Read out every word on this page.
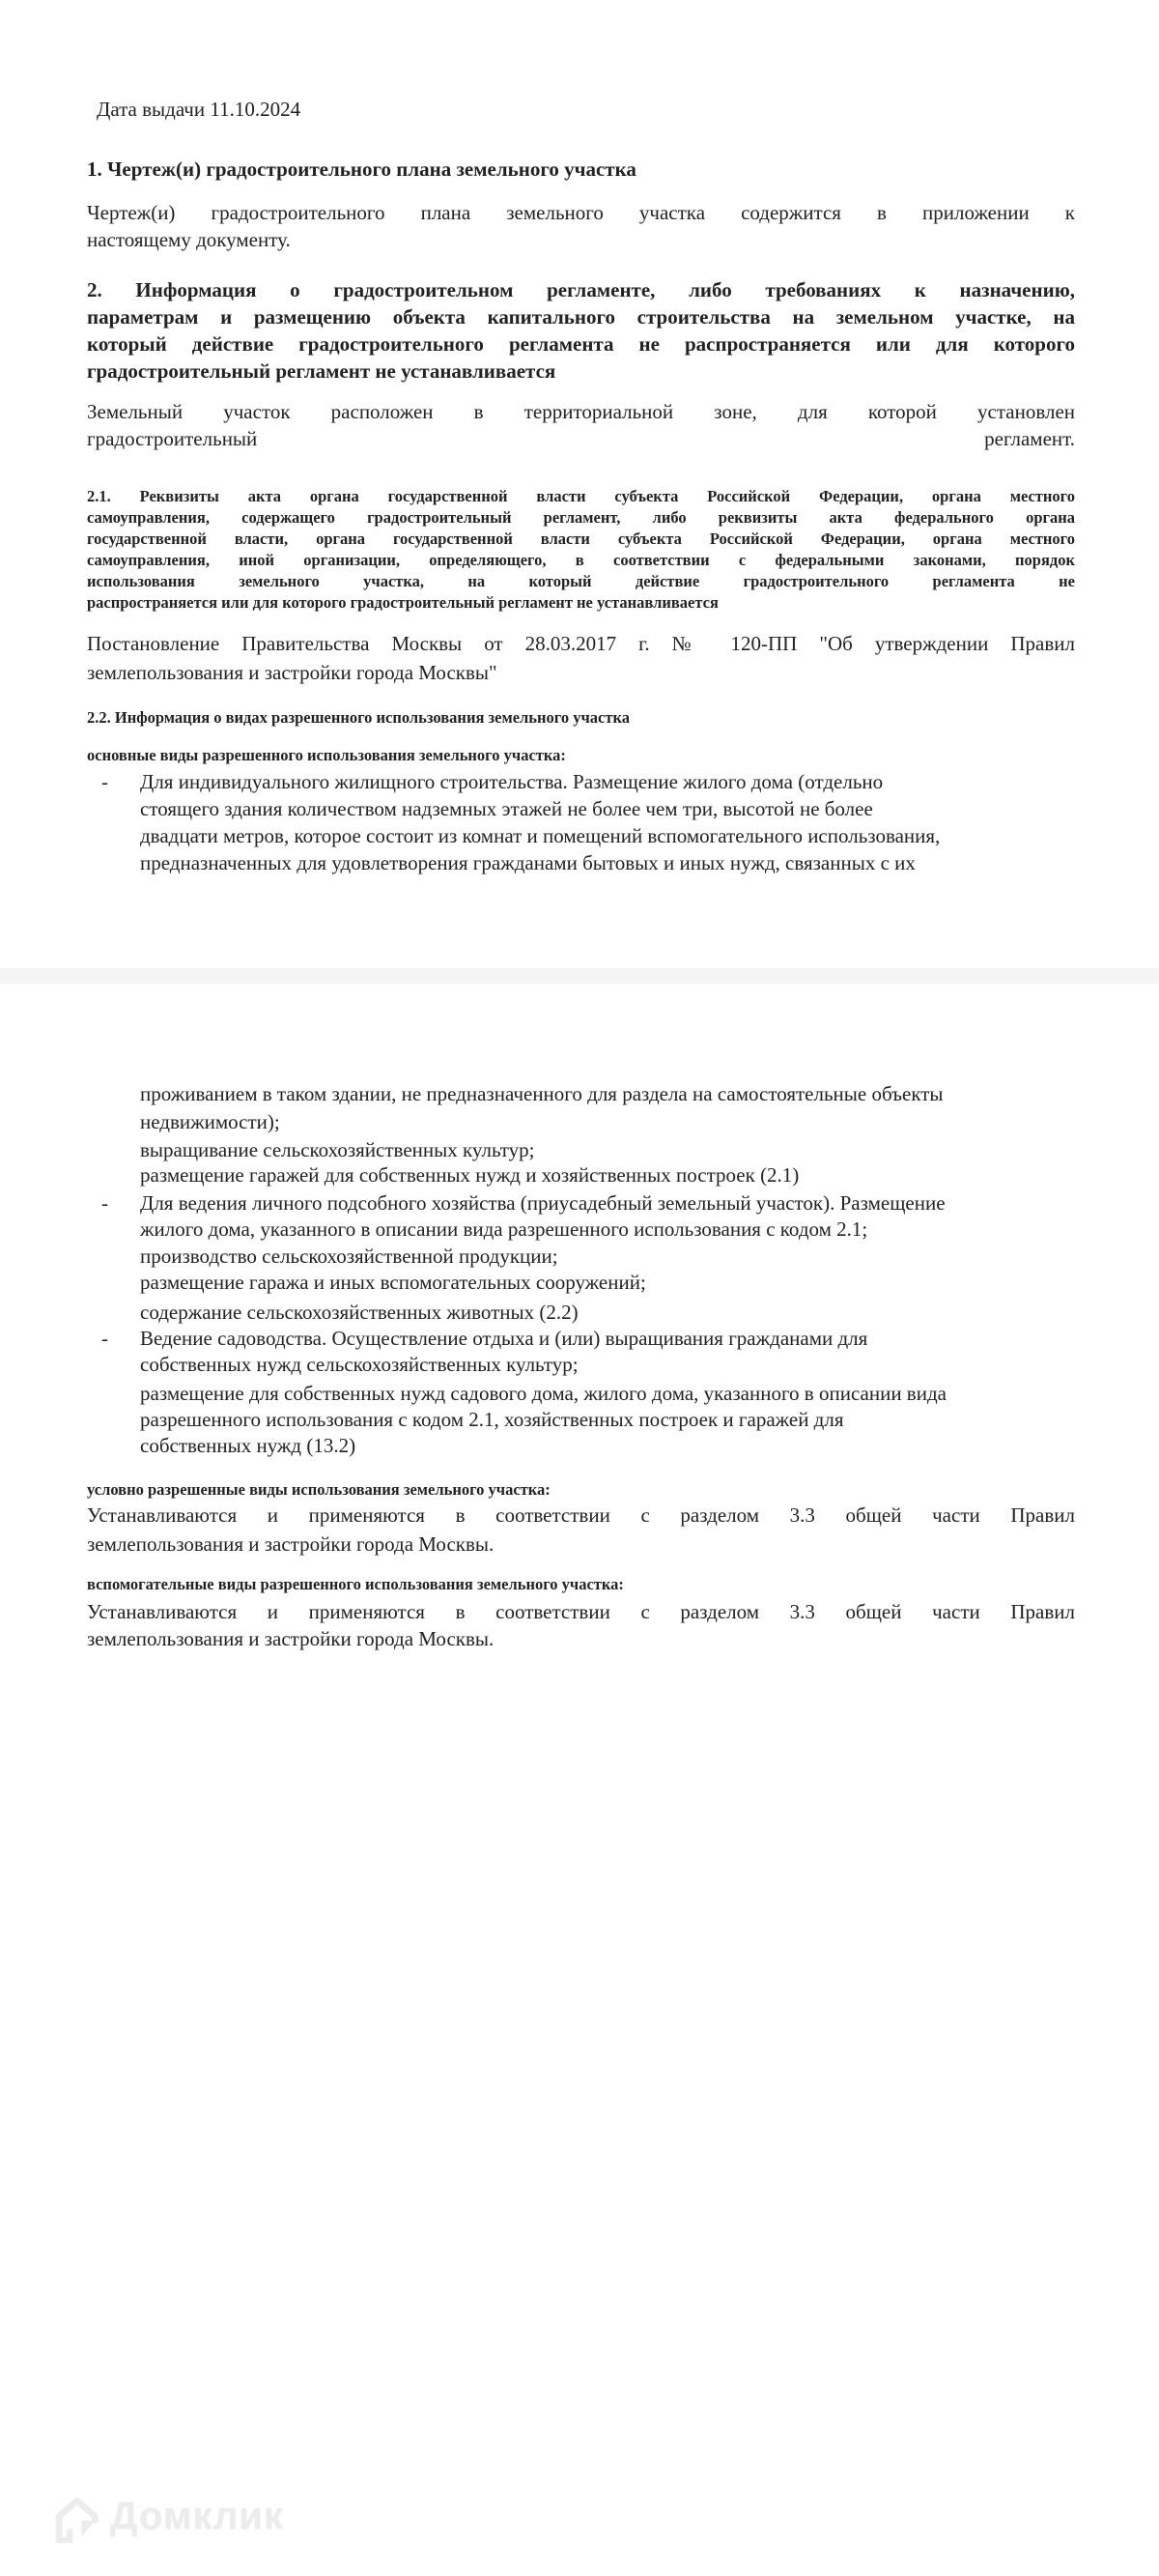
Дата выдачи 11.10.2024
1. Чертеж(и) градостроительного плана земельного участка
Чертеж(и) градостроительного плана земельного участка содержится в приложении к
настоящему документу.
2. Информация о градостроительном регламенте, либо требованиях к назначению,
параметрам и размещению объекта капитального строительства на земельном участке, на
который действие градостроительного регламента не распространяется или для которого
градостроительный регламент не устанавливается
Земельный участок расположен в территориальной зоне, для которой установлен
градостроительный регламент.
2.1. Реквизиты акта органа государственной власти субъекта Российской Федерации, органа местного
самоуправления, содержащего градостроительный регламент, либо реквизиты акта федерального органа
государственной власти, органа государственной власти субъекта Российской Федерации, органа местного
самоуправления, иной организации, определяющего, в соответствии с федеральными законами, порядок
использования земельного участка, на который действие градостроительного регламента не
распространяется или для которого градостроительный регламент не устанавливается
Постановление Правительства Москвы от 28.03.2017 г. № 120-ПП "Об утверждении Правил
землепользования и застройки города Москвы"
2.2. Информация о видах разрешенного использования земельного участка
основные виды разрешенного использования земельного участка:
Для индивидуального жилищного строительства. Размещение жилого дома (отдельно
-
стоящего здания количеством надземных этажей не более чем три, высотой не более
двадцати метров, которое состоит из комнат и помещений вспомогательного использования,
предназначенных для удовлетворения гражданами бытовых и иных нужд, связанных с их
проживанием в таком здании, не предназначенного для раздела на самостоятельные объекты
недвижимости);
выращивание сельскохозяйственных культур;
размещение гаражей для собственных нужд и хозяйственных построек (2.1)
Для ведения личного подсобного хозяйства (приусадебный земельный участок). Размещение
-
жилого дома, указанного в описании вида разрешенного использования с кодом 2.1;
производство сельскохозяйственной продукции;
размещение гаража и иных вспомогательных сооружений;
содержание сельскохозяйственных животных (2.2)
Ведение садоводства. Осуществление отдыха и (или) выращивания гражданами для
-
собственных нужд сельскохозяйственных культур;
размещение для собственных нужд садового дома, жилого дома, указанного в описании вида
разрешенного использования с кодом 2.1, хозяйственных построек и гаражей для
собственных нужд (13.2)
условно разрешенные виды использования земельного участка:
Устанавливаются и применяются в соответствии с разделом 3.3 общей части Правил
землепользования и застройки города Москвы.
вспомогательные виды разрешенного использования земельного участка:
Устанавливаются и применяются в соответствии с разделом 3.3 общей части Правил
землепользования и застройки города Москвы.
Домклик
